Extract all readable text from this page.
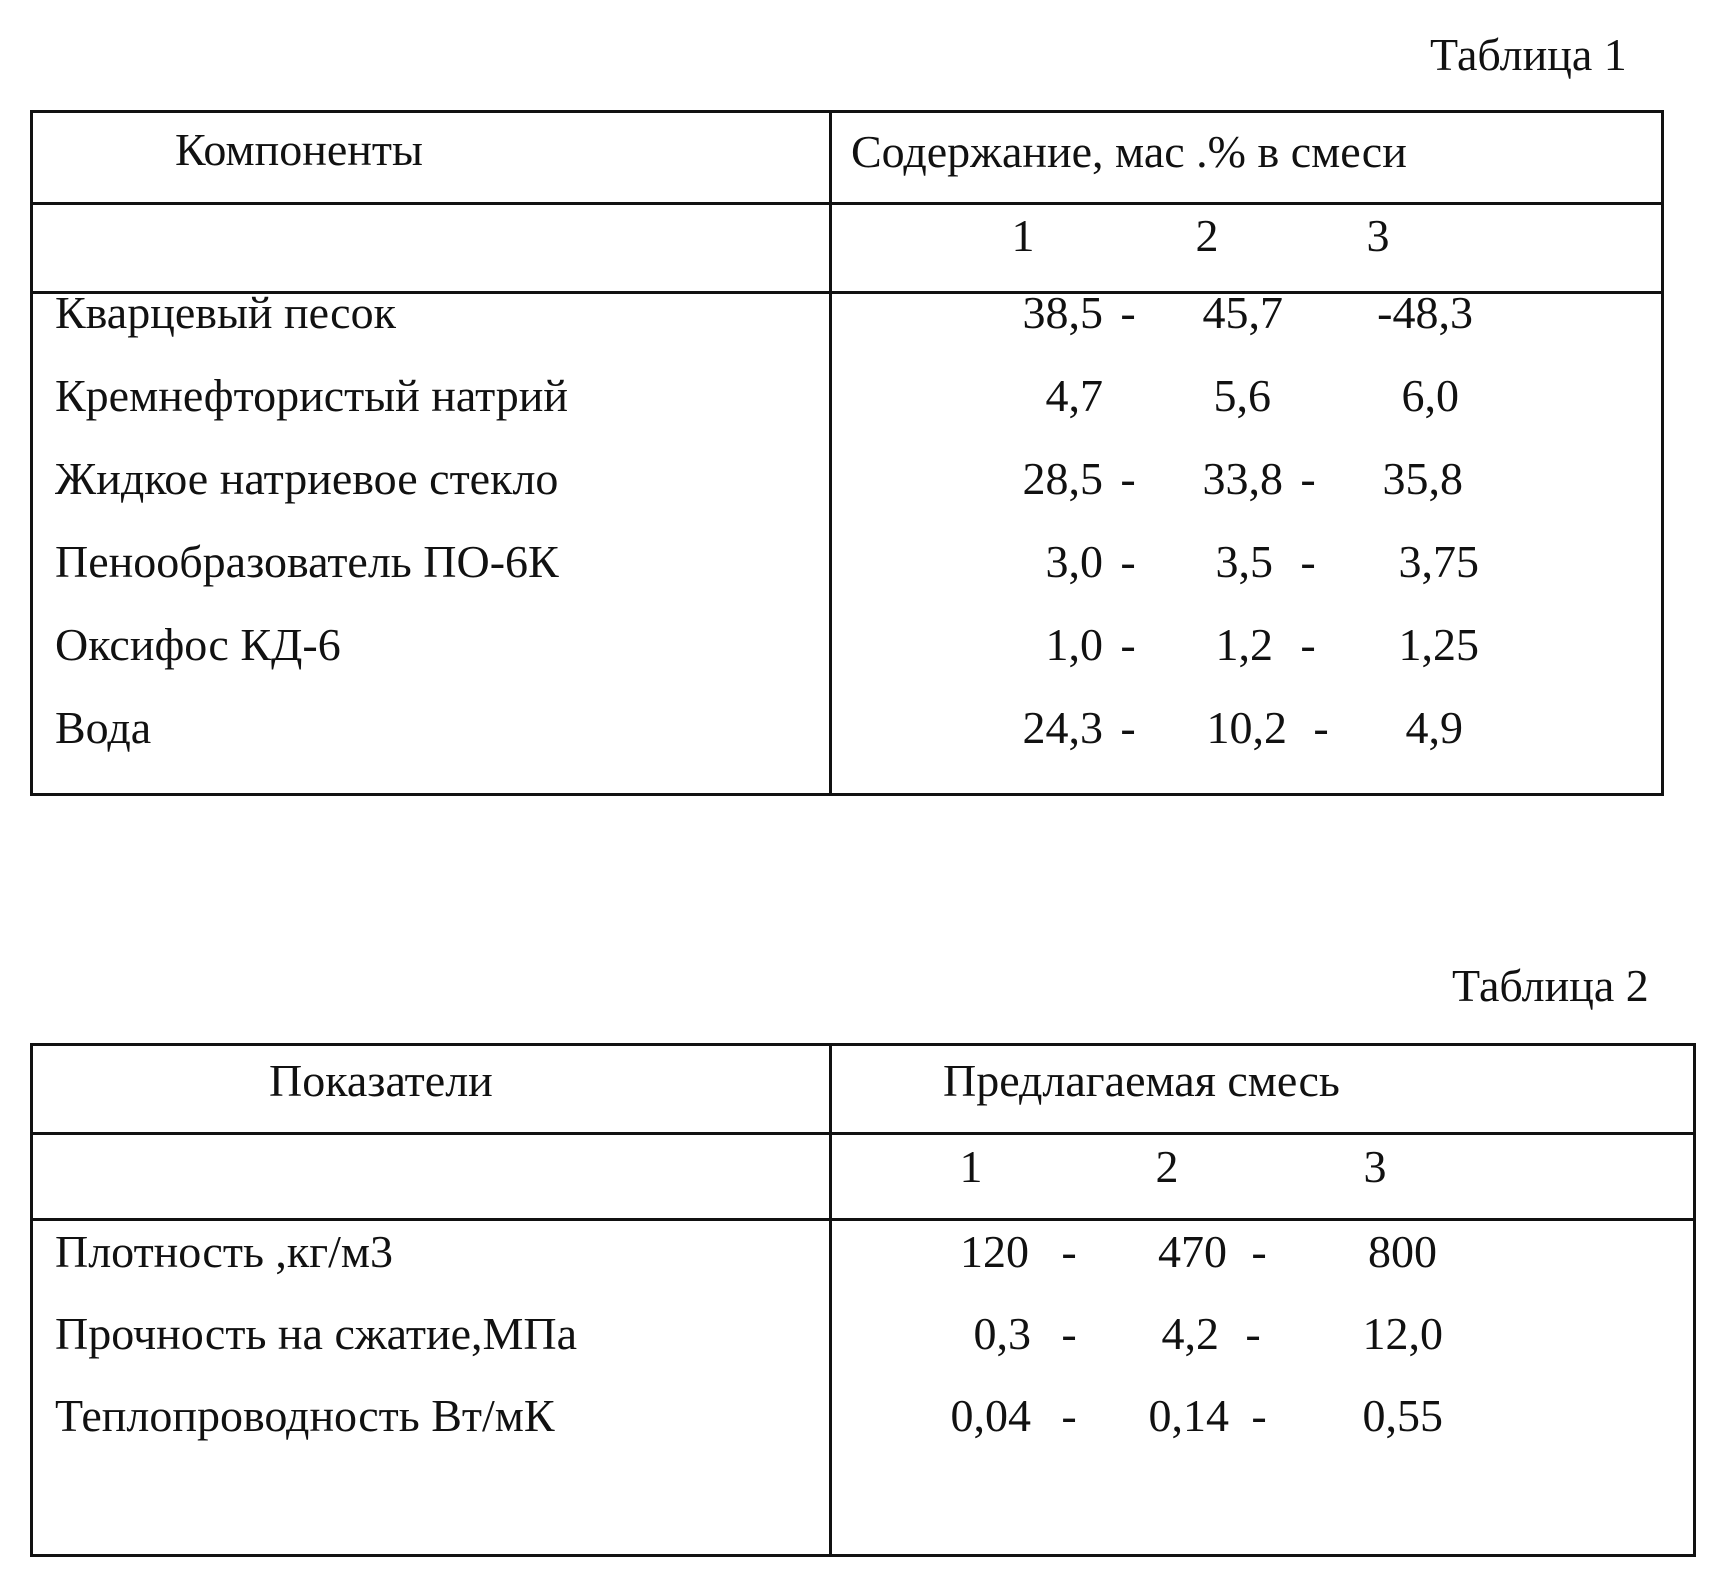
Таблица 1
Компоненты	Содержание, мас .% в смеси
1	2	3
Кварцевый песок	38,5 -	45,7	-48,3
Кремнефтористый натрий	4,7	5,6	6,0
Жидкое натриевое стекло	28,5 -	33,8 -	35,8
Пенообразователь ПО-6К	3,0 -	3,5 -	3,75
Оксифос КД-6	1,0 -	1,2 -	1,25
Вода	24,3 -	10,2 -	4,9
Таблица 2
Показатели	Предлагаемая смесь
1	2	3
Плотность ,кг/м3	120 -	470 -	800
Прочность на сжатие,МПа	0,3 -	4,2 -	12,0
Теплопроводность Вт/мК	0,04 -	0,14 -	0,55
